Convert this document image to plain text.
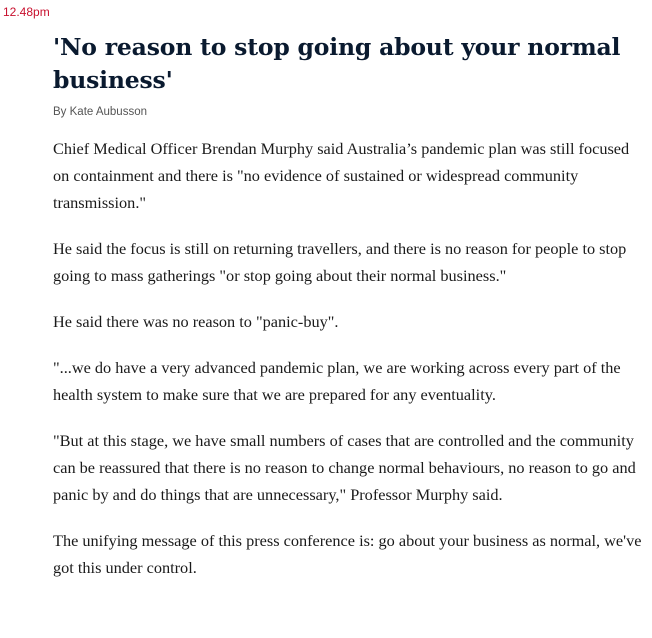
12.48pm
'No reason to stop going about your normal business'
By Kate Aubusson

Chief Medical Officer Brendan Murphy said Australia’s pandemic plan was still focused on containment and there is "no evidence of sustained or widespread community transmission."

He said the focus is still on returning travellers, and there is no reason for people to stop going to mass gatherings "or stop going about their normal business."

He said there was no reason to "panic-buy".

"...we do have a very advanced pandemic plan, we are working across every part of the health system to make sure that we are prepared for any eventuality.

"But at this stage, we have small numbers of cases that are controlled and the community can be reassured that there is no reason to change normal behaviours, no reason to go and panic by and do things that are unnecessary," Professor Murphy said.

The unifying message of this press conference is: go about your business as normal, we've got this under control.
